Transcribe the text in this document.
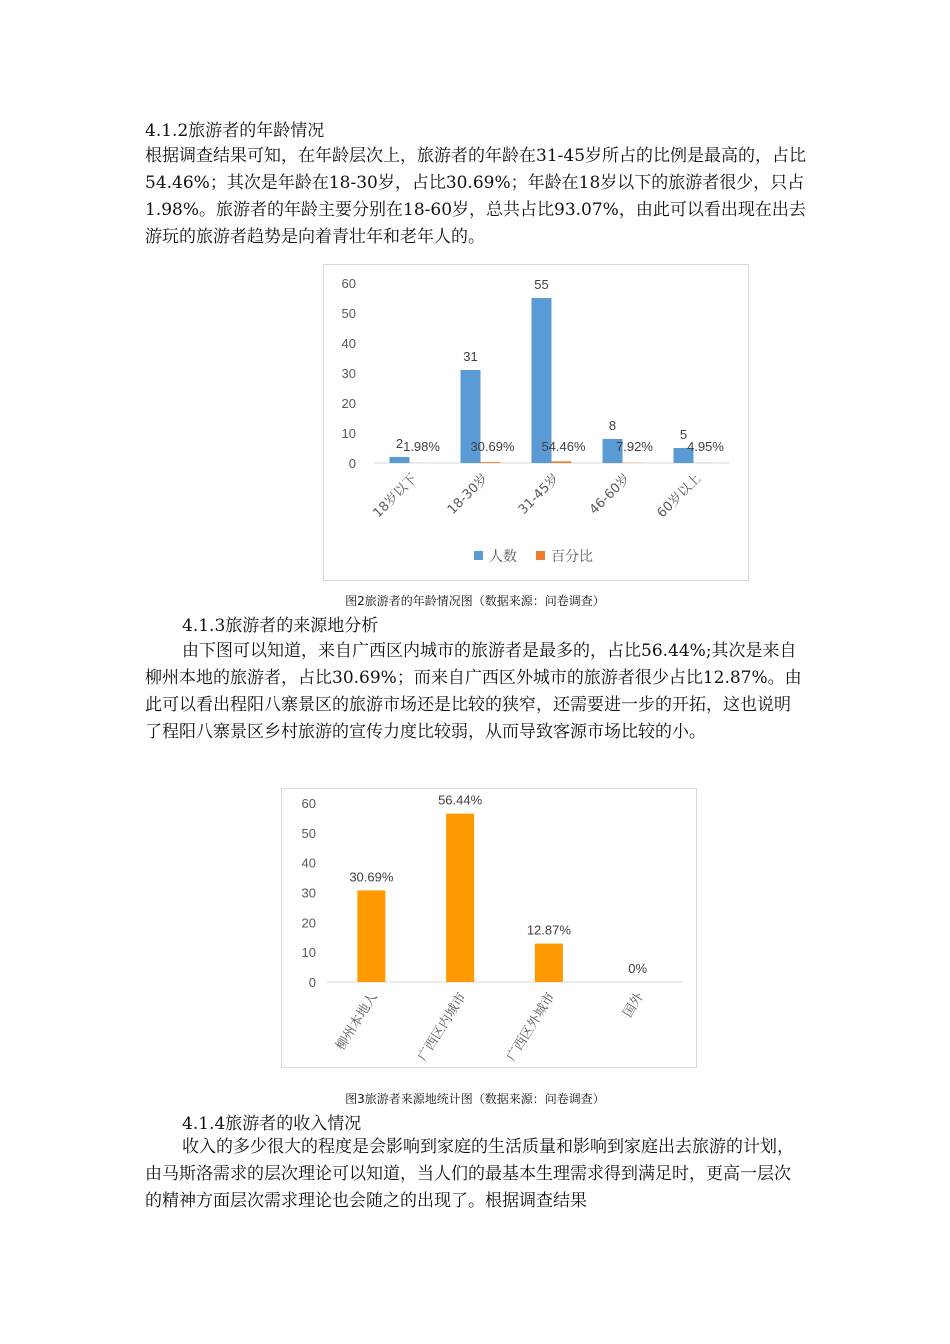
4.1.2旅游者的年龄情况
根据调查结果可知，在年龄层次上，旅游者的年龄在31-45岁所占的比例是最高的，占比54.46%；其次是年龄在18-30岁，占比30.69%；年龄在18岁以下的旅游者很少，只占1.98%。旅游者的年龄主要分别在18-60岁，总共占比93.07%，由此可以看出现在出去游玩的旅游者趋势是向着青壮年和老年人的。
0
10
20
30
40
50
60
2 1.98%
18岁以下
31
30.69%
18-30岁
55
54.46%
31-45岁
8
7.92%
46-60岁
5
4.95%
60岁以上
人数 百分比
图2旅游者的年龄情况图（数据来源：问卷调查）
4.1.3旅游者的来源地分析
由下图可以知道，来自广西区内城市的旅游者是最多的，占比56.44%;其次是来自柳州本地的旅游者，占比30.69%；而来自广西区外城市的旅游者很少占比12.87%。由此可以看出程阳八寨景区的旅游市场还是比较的狭窄，还需要进一步的开拓，这也说明了程阳八寨景区乡村旅游的宣传力度比较弱，从而导致客源市场比较的小。
0
10
20
30
40
50
60
30.69%
柳州本地人
56.44%
广西区内城市
12.87%
广西区外城市
0%
国外
图3旅游者来源地统计图（数据来源：问卷调查）
4.1.4旅游者的收入情况
收入的多少很大的程度是会影响到家庭的生活质量和影响到家庭出去旅游的计划，由马斯洛需求的层次理论可以知道，当人们的最基本生理需求得到满足时，更高一层次的精神方面层次需求理论也会随之的出现了。根据调查结果
